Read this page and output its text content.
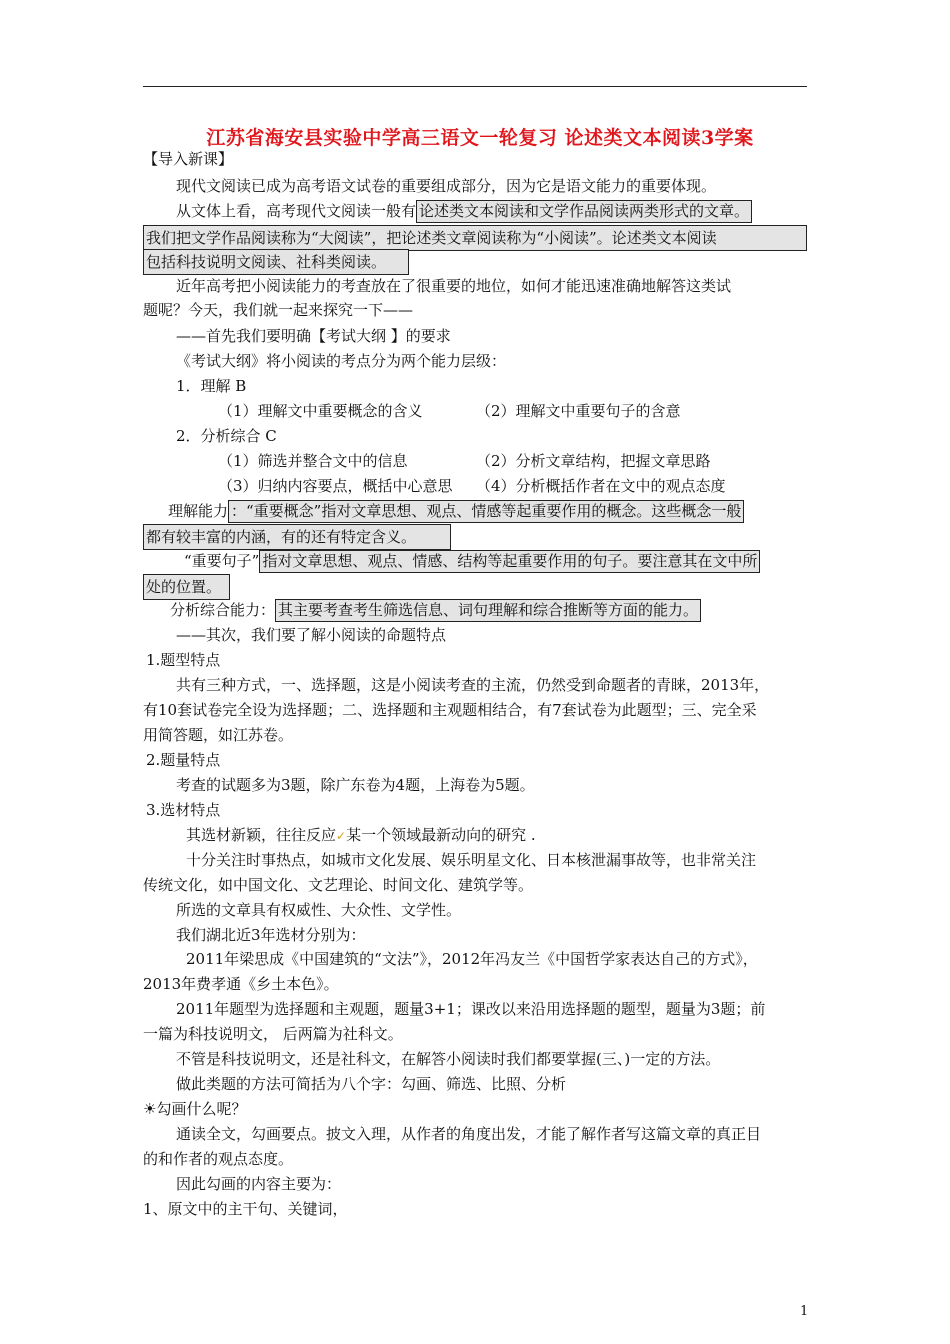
江苏省海安县实验中学高三语文一轮复习 论述类文本阅读3学案
【导入新课】
现代文阅读已成为高考语文试卷的重要组成部分，因为它是语文能力的重要体现。
从文体上看，高考现代文阅读一般有 论述类文本阅读和文学作品阅读两类形式的文章。
我们把文学作品阅读称为“大阅读”，把论述类文章阅读称为“小阅读”。论述类文本阅读
包括科技说明文阅读、社科类阅读。
近年高考把小阅读能力的考查放在了很重要的地位，如何才能迅速准确地解答这类试
题呢？今天，我们就一起来探究一下——
——首先我们要明确【考试大纲 】的要求
《考试大纲》将小阅读的考点分为两个能力层级：
1．理解 B
（1）理解文中重要概念的含义	（2）理解文中重要句子的含意
2．分析综合 C
（1）筛选并整合文中的信息	（2）分析文章结构，把握文章思路
（3）归纳内容要点，概括中心意思 （4）分析概括作者在文中的观点态度
理解能力 ：“重要概念”指对文章思想、观点、情感等起重要作用的概念。这些概念一般
都有较丰富的内涵，有的还有特定含义。
“重要句子” 指对文章思想、观点、情感、结构等起重要作用的句子。要注意其在文中所
处的位置。
分析综合能力： 其主要考查考生筛选信息、词句理解和综合推断等方面的能力。
——其次，我们要了解小阅读的命题特点
1.题型特点
共有三种方式，一、选择题，这是小阅读考查的主流，仍然受到命题者的青睐，2013年，
有10套试卷完全设为选择题；二、选择题和主观题相结合，有7套试卷为此题型；三、完全采
用简答题，如江苏卷。
2.题量特点
考查的试题多为3题，除广东卷为4题，上海卷为5题。
3.选材特点
其选材新颖，往往反应✓某一个领域最新动向的研究 .
十分关注时事热点，如城市文化发展、娱乐明星文化、日本核泄漏事故等，也非常关注
传统文化，如中国文化、文艺理论、时间文化、建筑学等。
所选的文章具有权威性、大众性、文学性。
我们湖北近3年选材分别为：
2011年梁思成《中国建筑的“文法”》，2012年冯友兰《中国哲学家表达自己的方式》，
2013年费孝通《乡土本色》。
2011年题型为选择题和主观题，题量3+1；课改以来沿用选择题的题型，题量为3题；前
一篇为科技说明文， 后两篇为社科文。
不管是科技说明文，还是社科文，在解答小阅读时我们都要掌握(三、)一定的方法。
做此类题的方法可简括为八个字：勾画、筛选、比照、分析
☀勾画什么呢？
通读全文，勾画要点。披文入理，从作者的角度出发，才能了解作者写这篇文章的真正目
的和作者的观点态度。
因此勾画的内容主要为：
1、原文中的主干句、关键词，
1
